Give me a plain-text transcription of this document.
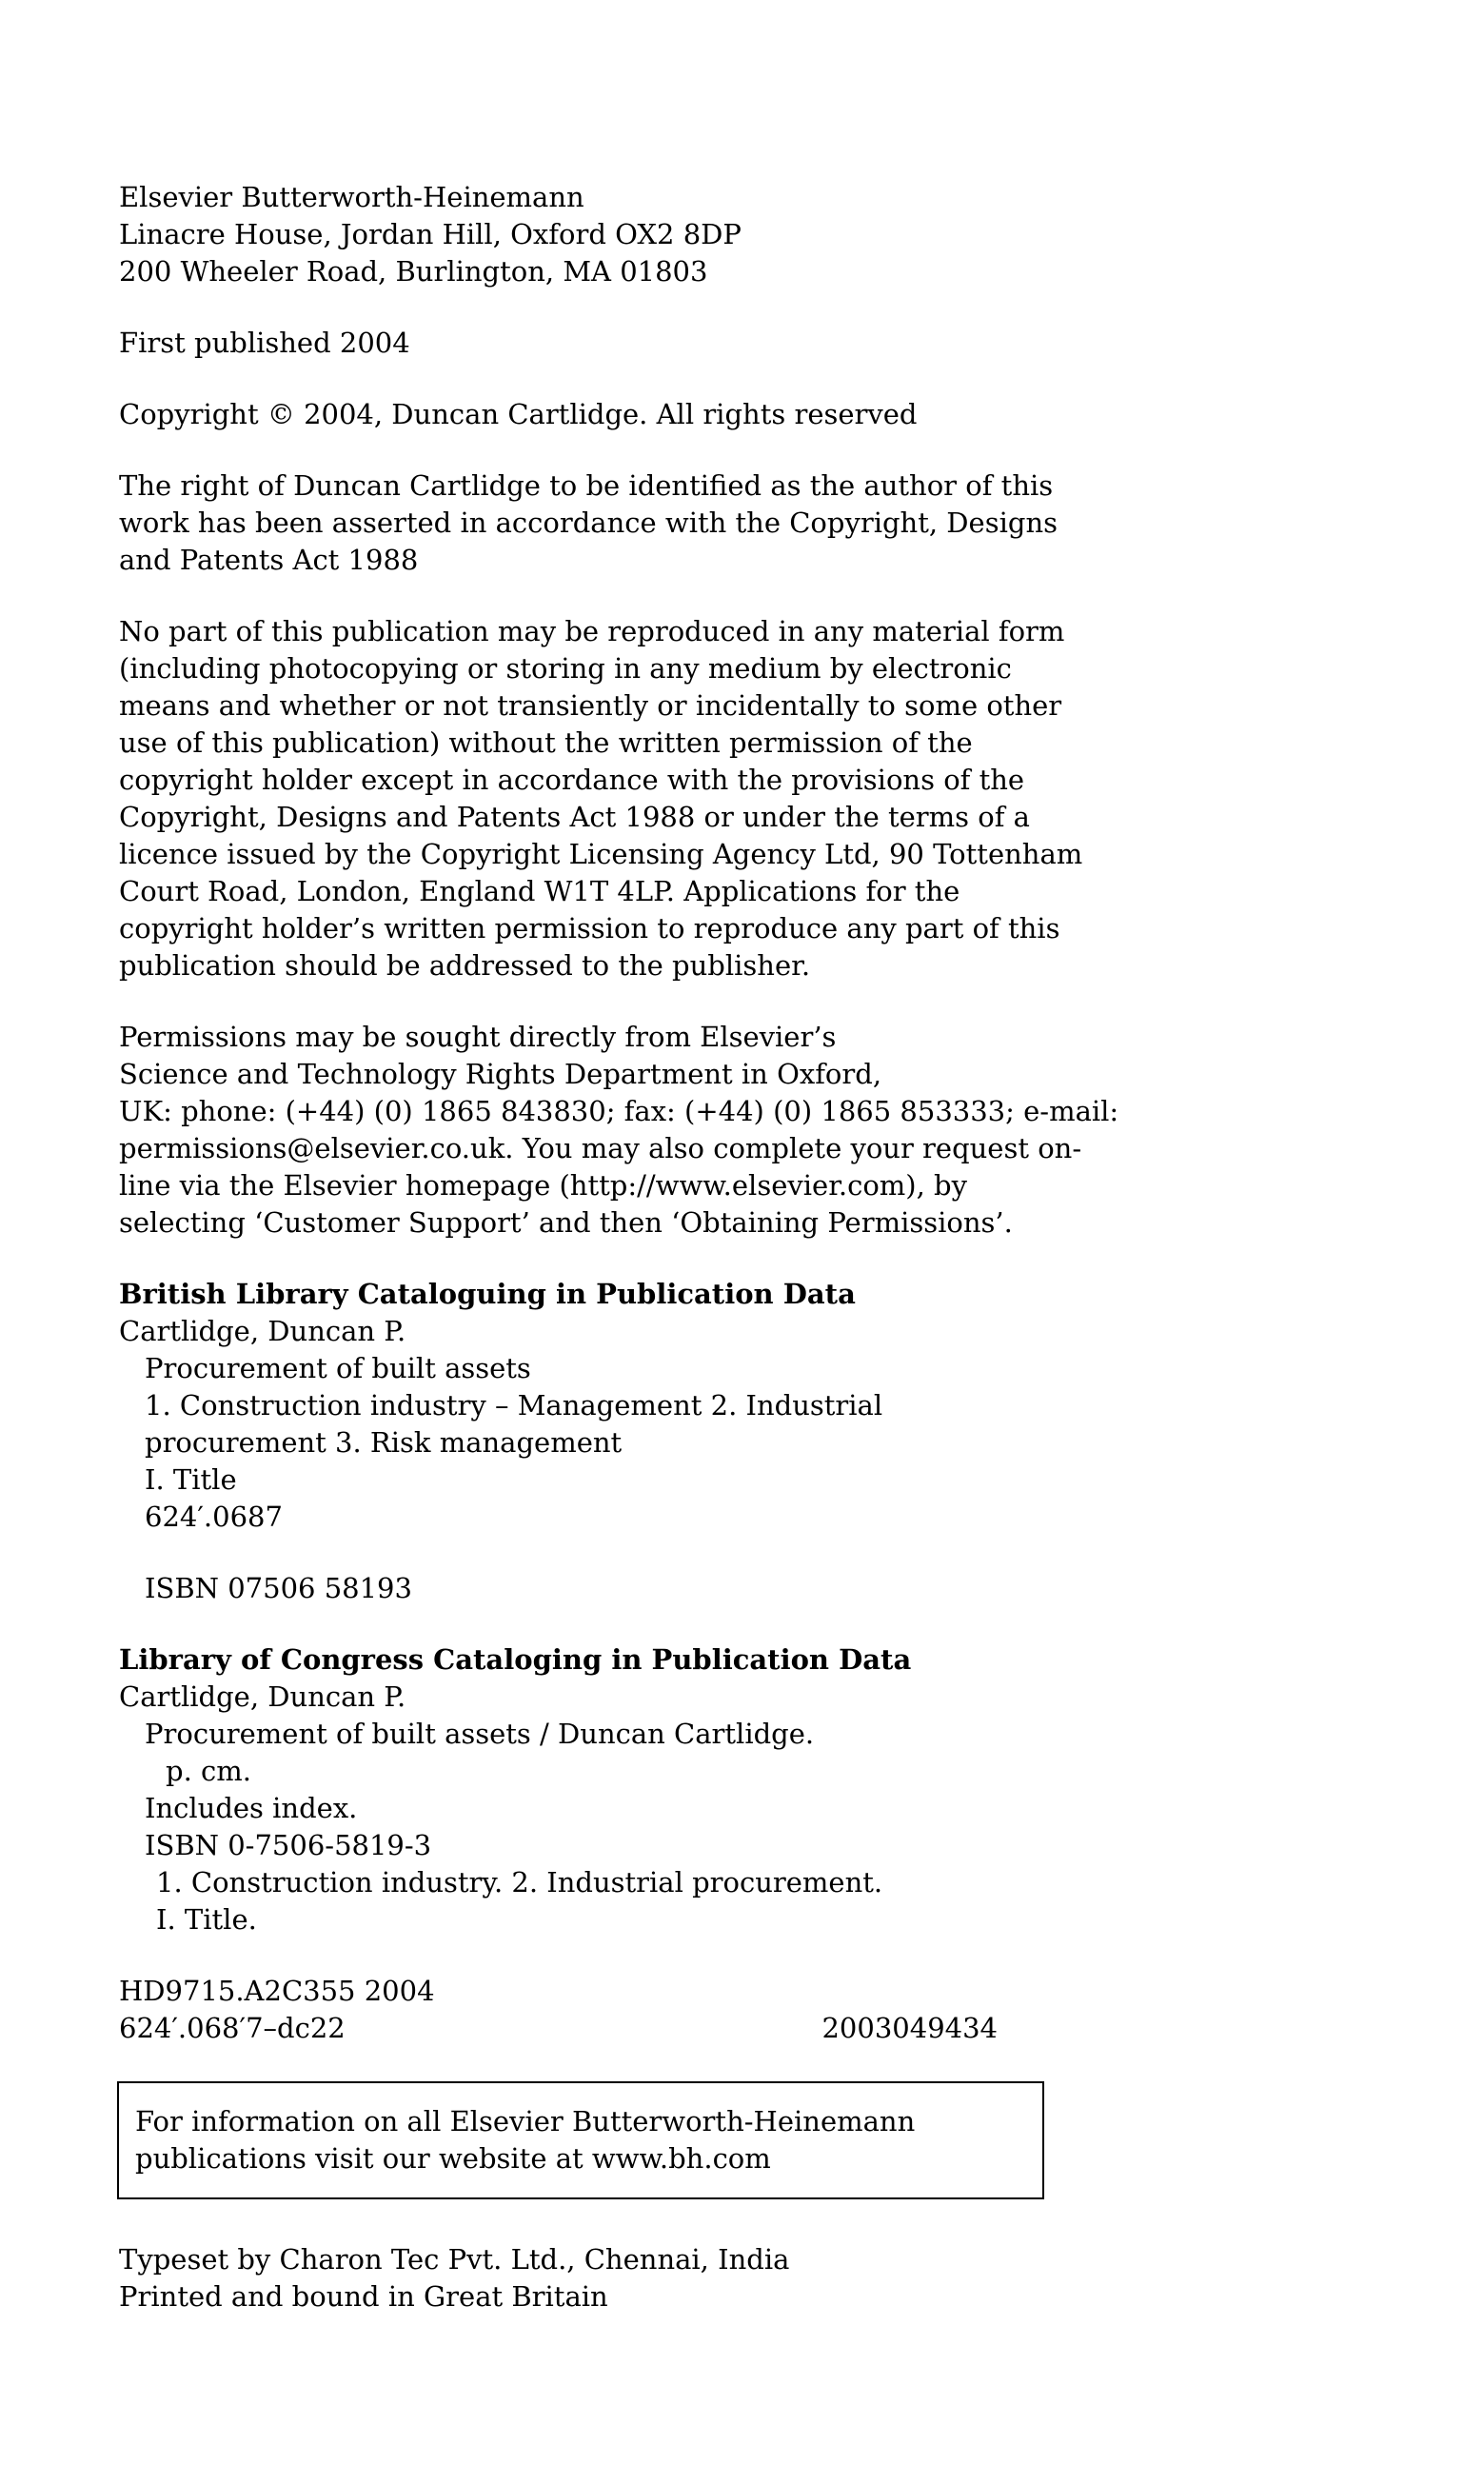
Elsevier Butterworth-Heinemann
Linacre House, Jordan Hill, Oxford OX2 8DP
200 Wheeler Road, Burlington, MA 01803
First published 2004
Copyright © 2004, Duncan Cartlidge. All rights reserved
The right of Duncan Cartlidge to be identified as the author of this
work has been asserted in accordance with the Copyright, Designs
and Patents Act 1988
No part of this publication may be reproduced in any material form
(including photocopying or storing in any medium by electronic
means and whether or not transiently or incidentally to some other
use of this publication) without the written permission of the
copyright holder except in accordance with the provisions of the
Copyright, Designs and Patents Act 1988 or under the terms of a
licence issued by the Copyright Licensing Agency Ltd, 90 Tottenham
Court Road, London, England W1T 4LP. Applications for the
copyright holder’s written permission to reproduce any part of this
publication should be addressed to the publisher.
Permissions may be sought directly from Elsevier’s
Science and Technology Rights Department in Oxford,
UK: phone: (+44) (0) 1865 843830; fax: (+44) (0) 1865 853333; e-mail:
permissions@elsevier.co.uk. You may also complete your request on-
line via the Elsevier homepage (http://www.elsevier.com), by
selecting ‘Customer Support’ and then ‘Obtaining Permissions’.
British Library Cataloguing in Publication Data
Cartlidge, Duncan P.
Procurement of built assets
1. Construction industry – Management 2. Industrial
procurement 3. Risk management
I. Title
624′.0687
ISBN 07506 58193
Library of Congress Cataloging in Publication Data
Cartlidge, Duncan P.
Procurement of built assets / Duncan Cartlidge.
p. cm.
Includes index.
ISBN 0-7506-5819-3
1. Construction industry. 2. Industrial procurement.
I. Title.
HD9715.A2C355 2004
624′.068′7–dc22	2003049434
For information on all Elsevier Butterworth-Heinemann
publications visit our website at www.bh.com
Typeset by Charon Tec Pvt. Ltd., Chennai, India
Printed and bound in Great Britain
